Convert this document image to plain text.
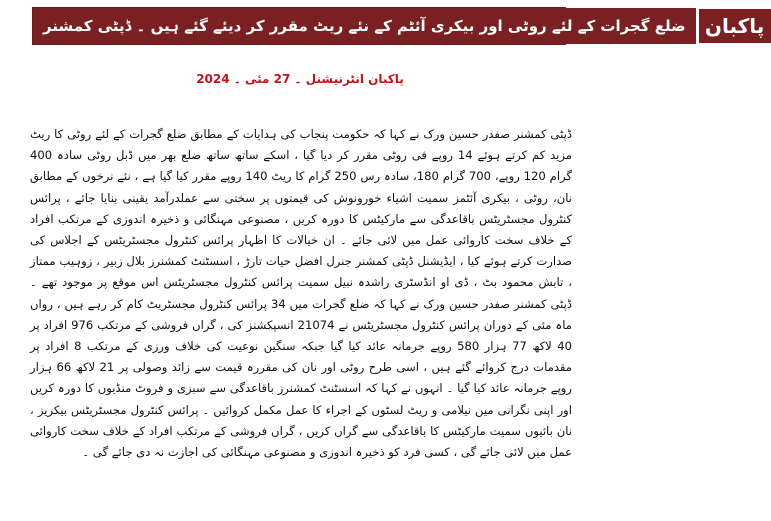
ضلع گجرات کے لئے روٹی اور بیکری آئٹم کے نئے ریٹ مقرر کر دیئے گئے ہیں ۔ ڈپٹی کمشنر پاکبان
پاکبان انٹرنیشنل ۔ 27 مئی ۔ 2024

ڈپٹی کمشنر صفدر حسین ورک نے کہا کہ حکومت پنجاب کی ہدایات کے مطابق ضلع گجرات کے لئے روٹی کا ریٹ مزید کم کرتے ہوئے 14 روپے فی روٹی مقرر کر دیا گیا ، اسکے ساتھ ساتھ ضلع بھر میں ڈبل روٹی سادہ 400 گرام 120 روپے، 700 گرام 180، سادہ رس 250 گرام کا ریٹ 140 روپے مقرر کیا گیا ہے ، نئے نرخوں کے مطابق نان، روٹی ، بیکری آئٹمز سمیت اشیاء خورونوش کی قیمتوں پر سختی سے عملدرآمد یقینی بنایا جائے ، پرائس کنٹرول مجسٹریٹس باقاعدگی سے مارکیٹس کا دورہ کریں ، مصنوعی مہنگائی و ذخیرہ اندوزی کے مرتکب افراد کے خلاف سخت کاروائی عمل میں لائی جائے ۔ ان خیالات کا اظہار پرائس کنٹرول مجسٹریٹس کے اجلاس کی صدارت کرتے ہوئے کیا ، ایڈیشنل ڈپٹی کمشنر جنرل افضل حیات تارڑ ، اسسٹنٹ کمشنرز بلال زبیر ، زوہیب ممتاز ، تابش محمود بٹ ، ڈی او انڈسٹری راشدہ نبیل سمیت پرائس کنٹرول مجسٹریٹس اس موقع پر موجود تھے ۔ ڈپٹی کمشنر صفدر حسین ورک نے کہا کہ ضلع گجرات میں 34 پرائس کنٹرول مجسٹریٹ کام کر رہے ہیں ، رواں ماہ مئی کے دوران پرائس کنٹرول مجسٹریٹس نے 21074 انسپکشنز کی ، گراں فروشی کے مرتکب 976 افراد پر 40 لاکھ 77 ہزار 580 روپے جرمانہ عائد کیا گیا جبکہ سنگین نوعیت کی خلاف ورزی کے مرتکب 8 افراد پر مقدمات درج کروائے گئے ہیں ، اسی طرح روٹی اور نان کی مقررہ قیمت سے زائد وصولی پر 21 لاکھ 66 ہزار روپے جرمانہ عائد کیا گیا ۔ انہوں نے کہا کہ اسسٹنٹ کمشنرز باقاعدگی سے سبزی و فروٹ منڈیوں کا دورہ کریں اور اپنی نگرانی میں نیلامی و ریٹ لسٹوں کے اجراء کا عمل مکمل کروائیں ۔ پرائس کنٹرول مجسٹریٹس بیکریز ، نان بائیوں سمیت مارکیٹس کا باقاعدگی سے گراں کریں ، گراں فروشی کے مرتکب افراد کے خلاف سخت کاروائی عمل میں لائی جائے گی ، کسی فرد کو ذخیرہ اندوزی و مصنوعی مہنگائی کی اجازت نہ دی جائے گی ۔
